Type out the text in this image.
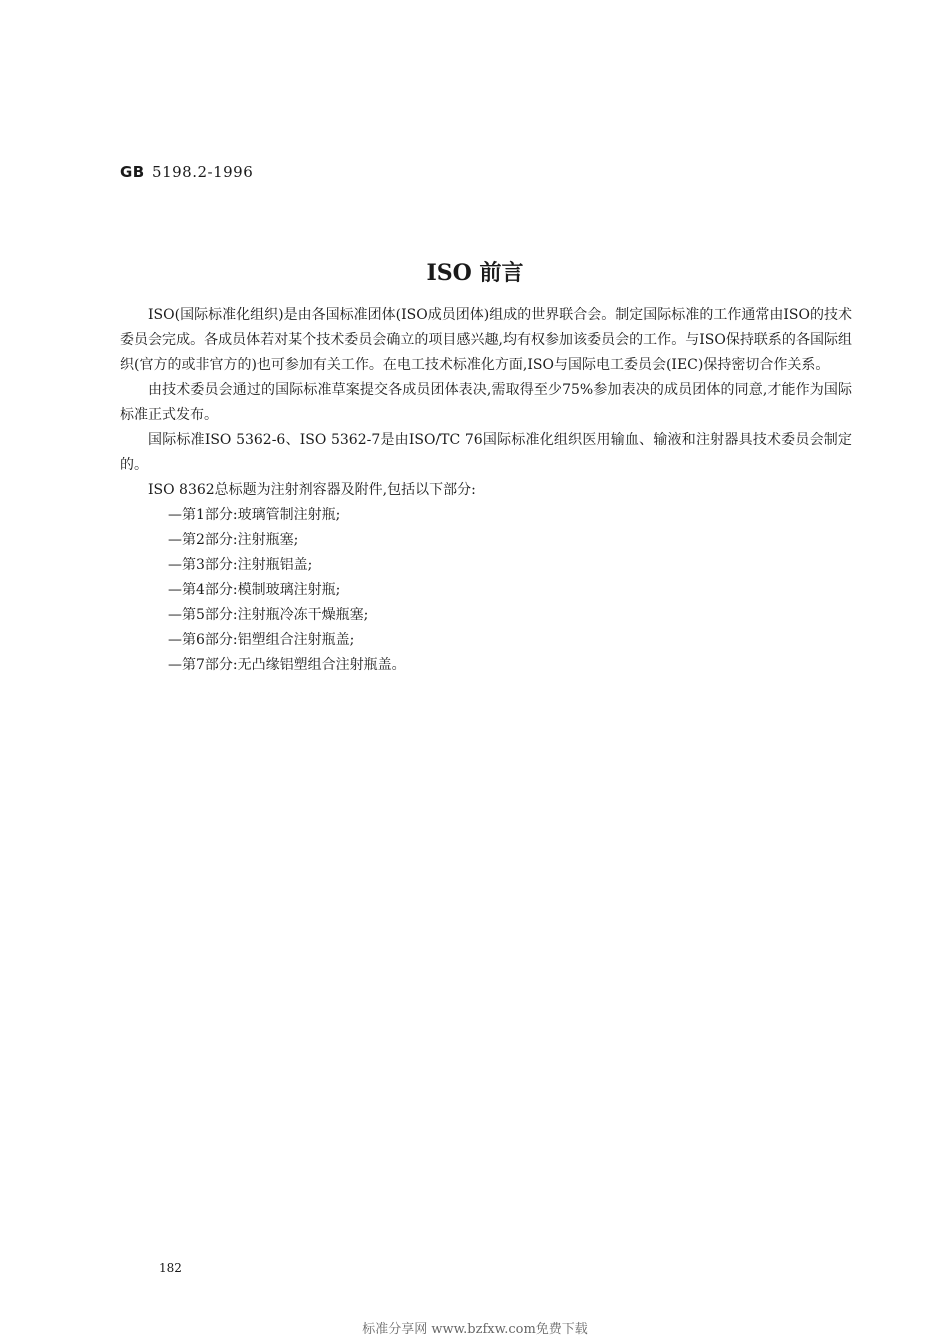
GB 5198.2-1996
ISO 前言

ISO(国际标准化组织)是由各国标准团体(ISO成员团体)组成的世界联合会。制定国际标准的工作通常由ISO的技术委员会完成。各成员体若对某个技术委员会确立的项目感兴趣,均有权参加该委员会的工作。与ISO保持联系的各国际组织(官方的或非官方的)也可参加有关工作。在电工技术标准化方面,ISO与国际电工委员会(IEC)保持密切合作关系。

由技术委员会通过的国际标准草案提交各成员团体表决,需取得至少75%参加表决的成员团体的同意,才能作为国际标准正式发布。

国际标准ISO 5362-6、ISO 5362-7是由ISO/TC 76国际标准化组织医用输血、输液和注射器具技术委员会制定的。

ISO 8362总标题为注射剂容器及附件,包括以下部分:

—第1部分:玻璃管制注射瓶;
—第2部分:注射瓶塞;
—第3部分:注射瓶铝盖;
—第4部分:模制玻璃注射瓶;
—第5部分:注射瓶冷冻干燥瓶塞;
—第6部分:铝塑组合注射瓶盖;
—第7部分:无凸缘铝塑组合注射瓶盖。
182
标准分享网 www.bzfxw.com免费下载
